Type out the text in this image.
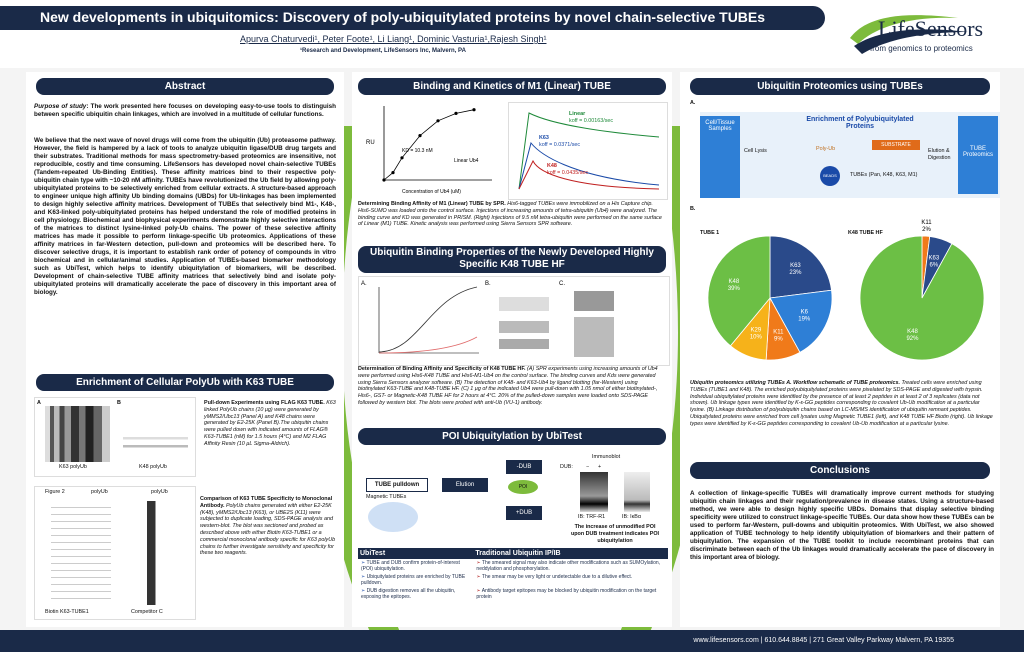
New developments in ubiquitomics: Discovery of poly-ubiquitylated proteins by novel chain-selective TUBEs
Apurva Chaturvedi¹, Peter Foote¹, Li Liang¹, Dominic Vasturia¹,Rajesh Singh¹
¹Research and Development, LifeSensors Inc, Malvern, PA
LifeSensors
from genomics to proteomics
Abstract
Purpose of study: The work presented here focuses on developing easy-to-use tools to distinguish between specific ubiquitin chain linkages, which are involved in a multitude of cellular functions.
We believe that the next wave of novel drugs will come from the ubiquitin (Ub) proteasome pathway. However, the field is hampered by a lack of tools to analyze ubiquitin ligase/DUB drug targets and their substrates. Traditional methods for mass spectrometry-based proteomics are insensitive, not reproducible, costly and time consuming. LifeSensors has developed novel chain-selective TUBEs (Tandem-repeated Ub-Binding Entities). These affinity matrices bind to their respective poly-ubiquitin chain type with ~10-20 nM affinity. TUBEs have revolutionized the Ub field by allowing poly-ubiquitylated proteins to be selectively enriched from cellular extracts. A structure-based approach to engineer unique high affinity Ub binding domains (UBDs) for Ub-linkages has been implemented to design highly selective affinity matrices. Development of TUBEs that selectively bind M1-, K48-, and K63-linked poly-ubiquitylated proteins has helped understand the role of modified proteins in cell physiology. Biochemical and biophysical experiments demonstrate highly selective interactions of the matrices to distinct lysine-linked poly-Ub chains. The power of these selective affinity matrices has made it possible to perform linkage-specific Ub proteomics. Applications of these affinity matrices in far-Western detection, pull-down and proteomics will be described here. To discover selective drugs, it is important to establish rank order of potency of compounds in vitro biochemical and in cellular/animal studies. Application of TUBEs-based biomarker methodology such as UbiTest, which helps to identify ubiquitylation of biomarkers, will be described. Development of chain-selective TUBE affinity matrices that selectively bind and isolate poly-ubiquitylated proteins will dramatically accelerate the pace of discovery in this important area of biology.
Enrichment of Cellular PolyUb with K63 TUBE
A	B
K63 polyUb	K48 polyUb
Pull-down Experiments using FLAG K63 TUBE. K63 linked PolyUb chains (10 µg) were generated by yMMS2/Ubc13 (Panel A) and K48 chains were generated by E2-25K (Panel B).The ubiquitin chains were pulled down with indicated amounts of FLAG® K63-TUBE1 (nM) for 1.5 hours (4°C) and M2 FLAG Affinity Resin (10 µL Sigma-Aldrich).
Figure 2	polyUb	polyUb
Biotin K63-TUBE1	Competitor C
Comparison of K63 TUBE Specificity to Monoclonal Antibody. PolyUb chains generated with either E2-25K (K48), yMMS2/Ubc13 (K63), or UBE2S (K11) were subjected to duplicate loading, SDS-PAGE analysis and western-blot. The blot was sectioned and probed as described above with either Biotin K63-TUBE1 or a commercial monoclonal antibody specific for K63 polyUb chains to further investigate sensitivity and specificity for these two reagents.
Binding and Kinetics of M1 (Linear) TUBE
RU
Concentration of Ub4 (uM)
KD = 10.3 nM
Linear Ub4
Linear
koff = 0.00163/sec
K63
koff = 0.0371/sec
K48
koff = 0.0435/sec
Determining Binding Affinity of M1 (Linear) TUBE by SPR. His6-tagged TUBEs were immobilized on a His Capture chip. His6-SUMO was loaded onto the control surface. Injections of increasing amounts of tetra-ubiquitin (Ub4) were analyzed. The binding curve and KD was generated in PRISM. (Right) Injections of 9.5 nM tetra-ubiquitin were performed on the same surface of Linear (M1) TUBE. Kinetic analysis was performed using Sierra Sensors SPR software.
Ubiquitin Binding Properties of the Newly Developed Highly Specific K48 TUBE HF
A.	B.	C.
Determination of Binding Affinity and Specificity of K48 TUBE HF. (A) SPR experiments using increasing amounts of Ub4 were performed using His6-K48 TUBE and His6-M1-Ub4 on the control surface. The binding curves and Kds were generated using Sierra Sensors analyzer software. (B) The detection of K48- and K63-Ub4 by ligand blotting (far-Western) using biotinylated K63-TUBE and K48-TUBE HF. (C) 1 µg of the indicated Ub4 were pull-down with 1.05 nmol of either biotinylated-, His6-, GST- or Magnetic-K48 TUBE HF for 2 hours at 4°C. 20% of the pulled-down samples were loaded onto SDS-PAGE followed by western blot. The blots were probed with anti-Ub (VU-1) antibody.
POI Ubiquitylation by UbiTest
TUBE pulldown
Magnetic TUBEs
Elution
-DUB
+DUB
POI
Immunoblot
DUB: − +
IB: TRF-R1	IB: IκBα
The increase of unmodified POI upon DUB treatment indicates POI ubiquitylation
UbiTest	Traditional Ubiquitin IP/IB
➢ TUBE and DUB confirm protein-of-interest (POI) ubiquitylation.	➢ The smeared signal may also indicate other modifications such as SUMOylation, neddylation and phosphorylation.
➢ Ubiquitylated proteins are enriched by TUBE pulldown.	➢ The smear may be very light or undetectable due to a dilutive effect.
➢ DUB digestion removes all the ubiquitin, exposing the epitopes.	➢ Antibody target epitopes may be blocked by ubiquitin modification on the target protein
Ubiquitin Proteomics using TUBEs
A.
Cell/Tissue Samples
Cell Lysis
Enrichment of Polyubiquitylated Proteins
Poly-Ub
SUBSTRATE
BEADS	TUBEs (Pan, K48, K63, M1)
Elution & Digestion
TUBE Proteomics
B.
TUBE 1	K48 TUBE HF
K63
23%
K6
19%
K11
9%
K29
10%
K48
39%
K11
2%
K63
6%
K48
92%
Ubiquitin proteomics utilizing TUBEs A. Workflow schematic of TUBE proteomics. Treated cells were enriched using TUBEs (TUBE1 and K48). The enriched polyubiquitylated proteins were pixelated by SDS-PAGE and digested with trypsin. Individual ubiquitylated proteins were identified by the presence of at least 2 peptides in at least 2 of 3 replicates (data not shown). Ub linkage types were identified by K-ε-GG peptides corresponding to covalent Ub-Ub modification at a particular lysine. (B) Linkage distribution of polyubiquitin chains based on LC-MS/MS identification of ubiquitin remnant peptides. Ubiquitylated proteins were enriched from cell lysates using Magnetic TUBE1 (left), and K48 TUBE HF Biotin (right). Ub linkage types were identified by K-ε-GG peptides corresponding to covalent Ub-Ub modification at a particular lysine.
Conclusions
A collection of linkage-specific TUBEs will dramatically improve current methods for studying ubiquitin chain linkages and their regulation/prevalence in disease states. Using a structure-based method, we were able to design highly specific UBDs. Domains that display selective binding specificity were utilized to construct linkage-specific TUBEs. Our data show how these TUBEs can be used to perform far-Western, pull-downs and ubiquitin proteomics. With UbiTest, we also showed application of TUBE technology to help identify ubiquitylation of biomarkers and their pattern of ubiquitylation. The expansion of the TUBE toolkit to include recombinant proteins that can discriminate between each of the Ub linkages would dramatically accelerate the pace of discovery in this important area of biology.
www.lifesensors.com | 610.644.8845 | 271 Great Valley Parkway Malvern, PA 19355
